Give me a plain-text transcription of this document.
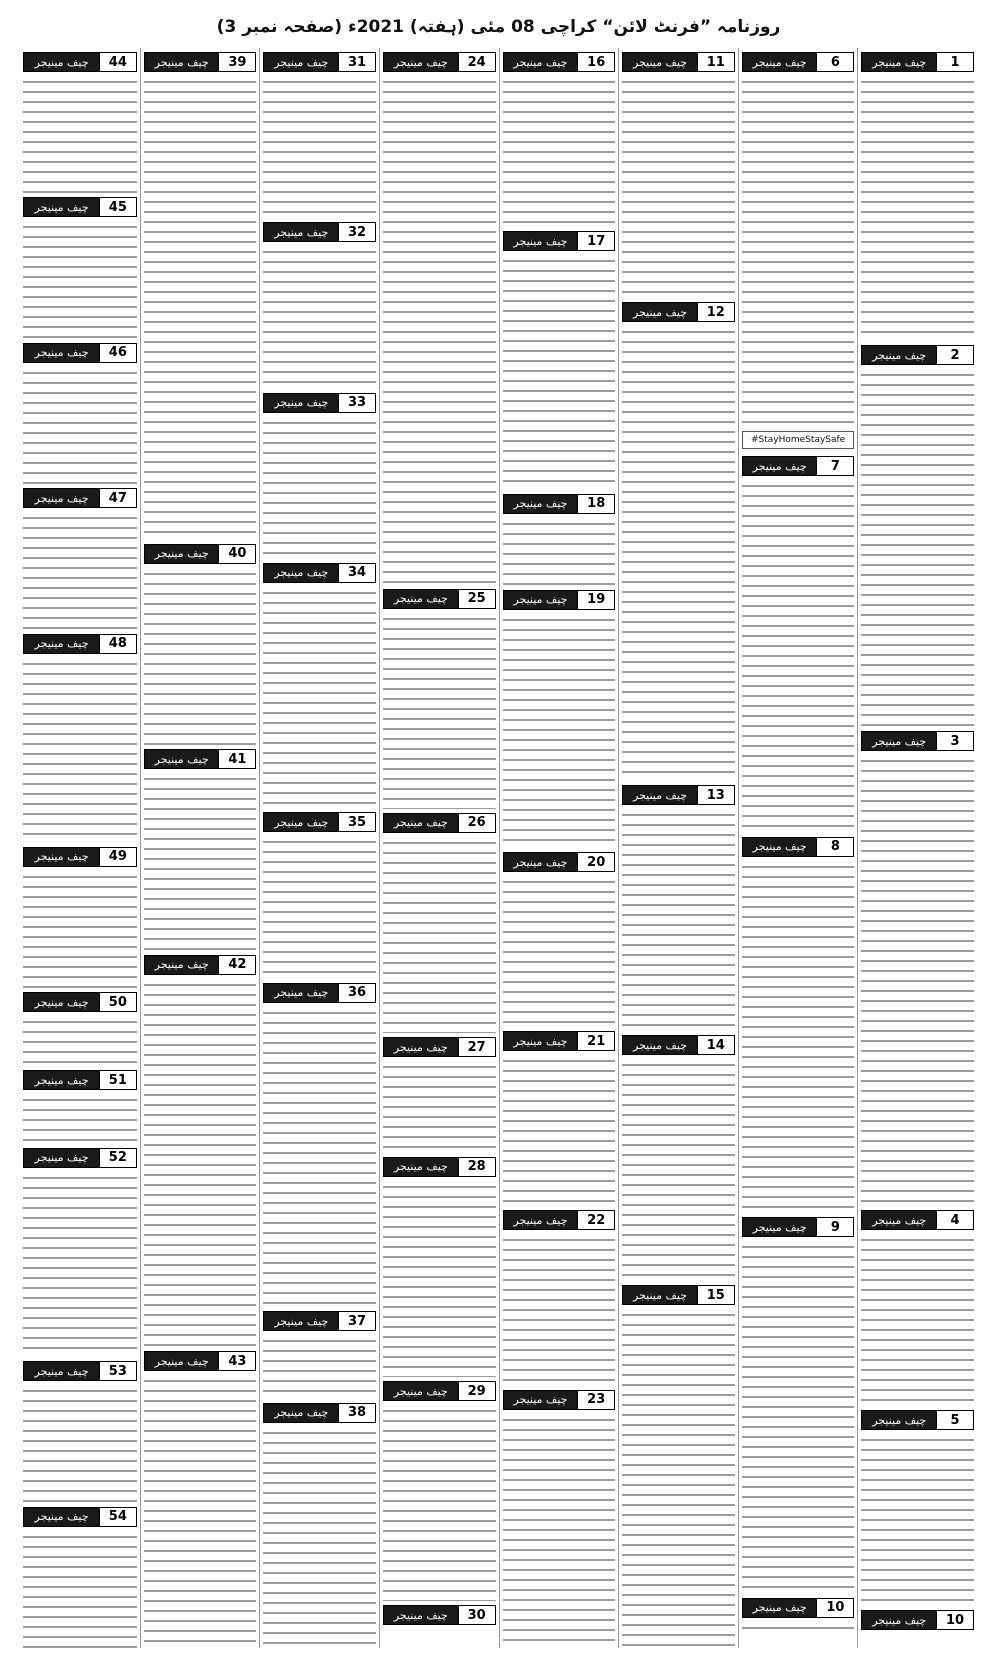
روزنامہ ”فرنٹ لائن“ کراچی 08 مئی (ہفتہ) 2021ء (صفحہ نمبر 3)
1
چیف مینیجر
2
چیف مینیجر
3
چیف مینیجر
4
چیف مینیجر
5
چیف مینیجر
10
چیف مینیجر
6
چیف مینیجر
#StayHomeStaySafe
7
چیف مینیجر
8
چیف مینیجر
9
چیف مینیجر
10
چیف مینیجر
11
چیف مینیجر
12
چیف مینیجر
13
چیف مینیجر
14
چیف مینیجر
15
چیف مینیجر
16
چیف مینیجر
17
چیف مینیجر
18
چیف مینیجر
19
چیف مینیجر
20
چیف مینیجر
21
چیف مینیجر
22
چیف مینیجر
23
چیف مینیجر
24
چیف مینیجر
25
چیف مینیجر
26
چیف مینیجر
27
چیف مینیجر
28
چیف مینیجر
29
چیف مینیجر
30
چیف مینیجر
31
چیف مینیجر
32
چیف مینیجر
33
چیف مینیجر
34
چیف مینیجر
35
چیف مینیجر
36
چیف مینیجر
37
چیف مینیجر
38
چیف مینیجر
39
چیف مینیجر
40
چیف مینیجر
41
چیف مینیجر
42
چیف مینیجر
43
چیف مینیجر
44
چیف مینیجر
45
چیف مینیجر
46
چیف مینیجر
47
چیف مینیجر
48
چیف مینیجر
49
چیف مینیجر
50
چیف مینیجر
51
چیف مینیجر
52
چیف مینیجر
53
چیف مینیجر
54
چیف مینیجر
